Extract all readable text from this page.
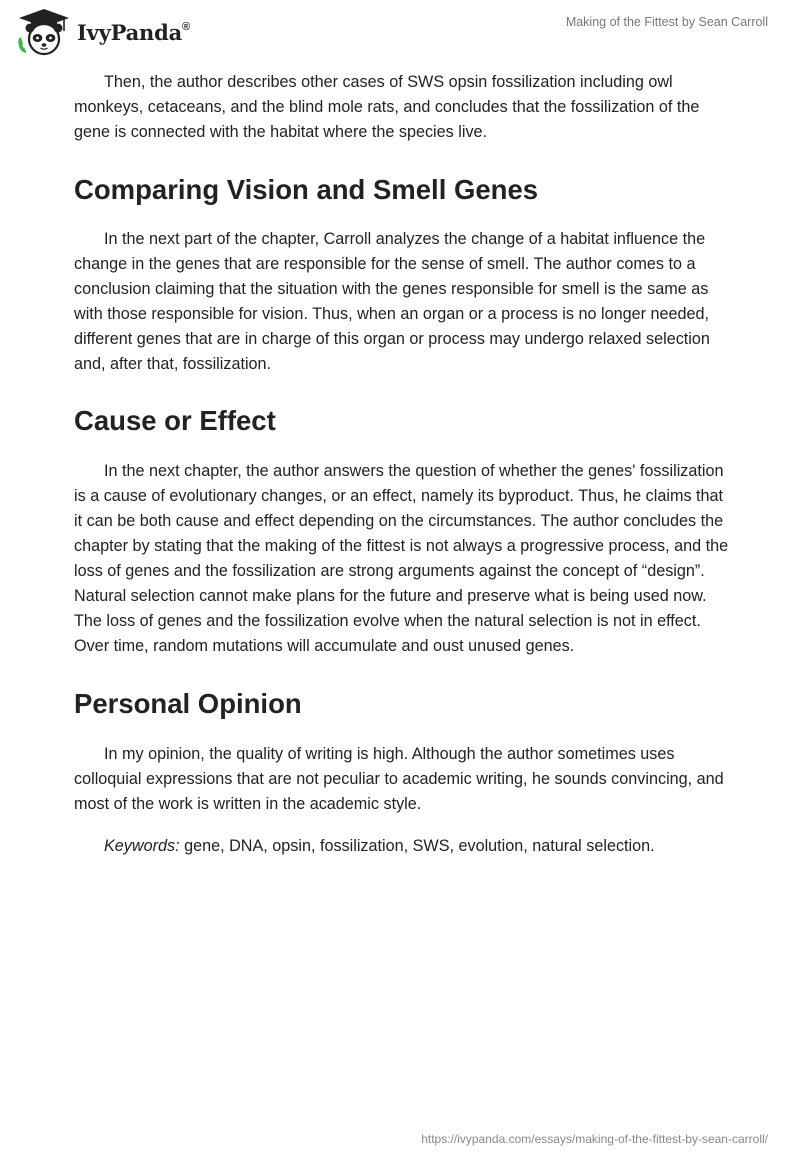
IvyPanda®	Making of the Fittest by Sean Carroll

Then, the author describes other cases of SWS opsin fossilization including owl monkeys, cetaceans, and the blind mole rats, and concludes that the fossilization of the gene is connected with the habitat where the species live.

Comparing Vision and Smell Genes

In the next part of the chapter, Carroll analyzes the change of a habitat influence the change in the genes that are responsible for the sense of smell. The author comes to a conclusion claiming that the situation with the genes responsible for smell is the same as with those responsible for vision. Thus, when an organ or a process is no longer needed, different genes that are in charge of this organ or process may undergo relaxed selection and, after that, fossilization.

Cause or Effect

In the next chapter, the author answers the question of whether the genes' fossilization is a cause of evolutionary changes, or an effect, namely its byproduct. Thus, he claims that it can be both cause and effect depending on the circumstances. The author concludes the chapter by stating that the making of the fittest is not always a progressive process, and the loss of genes and the fossilization are strong arguments against the concept of “design”. Natural selection cannot make plans for the future and preserve what is being used now. The loss of genes and the fossilization evolve when the natural selection is not in effect. Over time, random mutations will accumulate and oust unused genes.

Personal Opinion

In my opinion, the quality of writing is high. Although the author sometimes uses colloquial expressions that are not peculiar to academic writing, he sounds convincing, and most of the work is written in the academic style.

Keywords: gene, DNA, opsin, fossilization, SWS, evolution, natural selection.

https://ivypanda.com/essays/making-of-the-fittest-by-sean-carroll/
